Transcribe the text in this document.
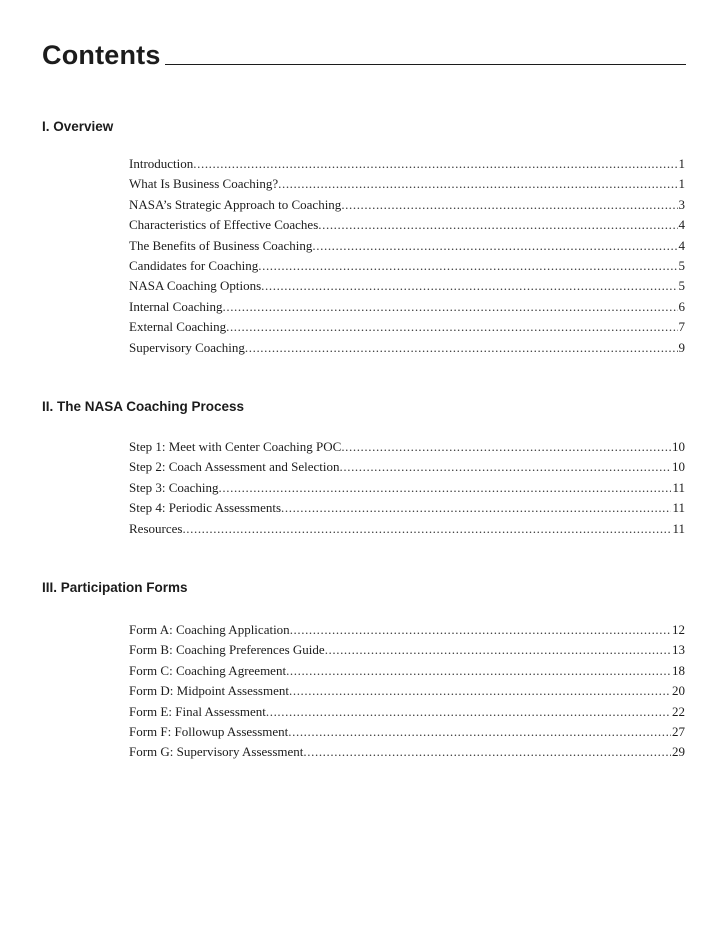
Contents
I. Overview
Introduction .....	1
What Is Business Coaching? .....	1
NASA’s Strategic Approach to Coaching .....	3
Characteristics of Effective Coaches .....	4
The Benefits of Business Coaching .....	4
Candidates for Coaching .....	5
NASA Coaching Options .....	5
Internal Coaching .....	6
External Coaching .....	7
Supervisory Coaching .....	9
II. The NASA Coaching Process
Step 1: Meet with Center Coaching POC .....	10
Step 2: Coach Assessment and Selection .....	10
Step 3: Coaching .....	11
Step 4: Periodic Assessments .....	11
Resources .....	11
III. Participation Forms
Form A: Coaching Application .....	12
Form B: Coaching Preferences Guide .....	13
Form C: Coaching Agreement .....	18
Form D: Midpoint Assessment .....	20
Form E: Final Assessment .....	22
Form F: Followup Assessment .....	27
Form G: Supervisory Assessment .....	29
